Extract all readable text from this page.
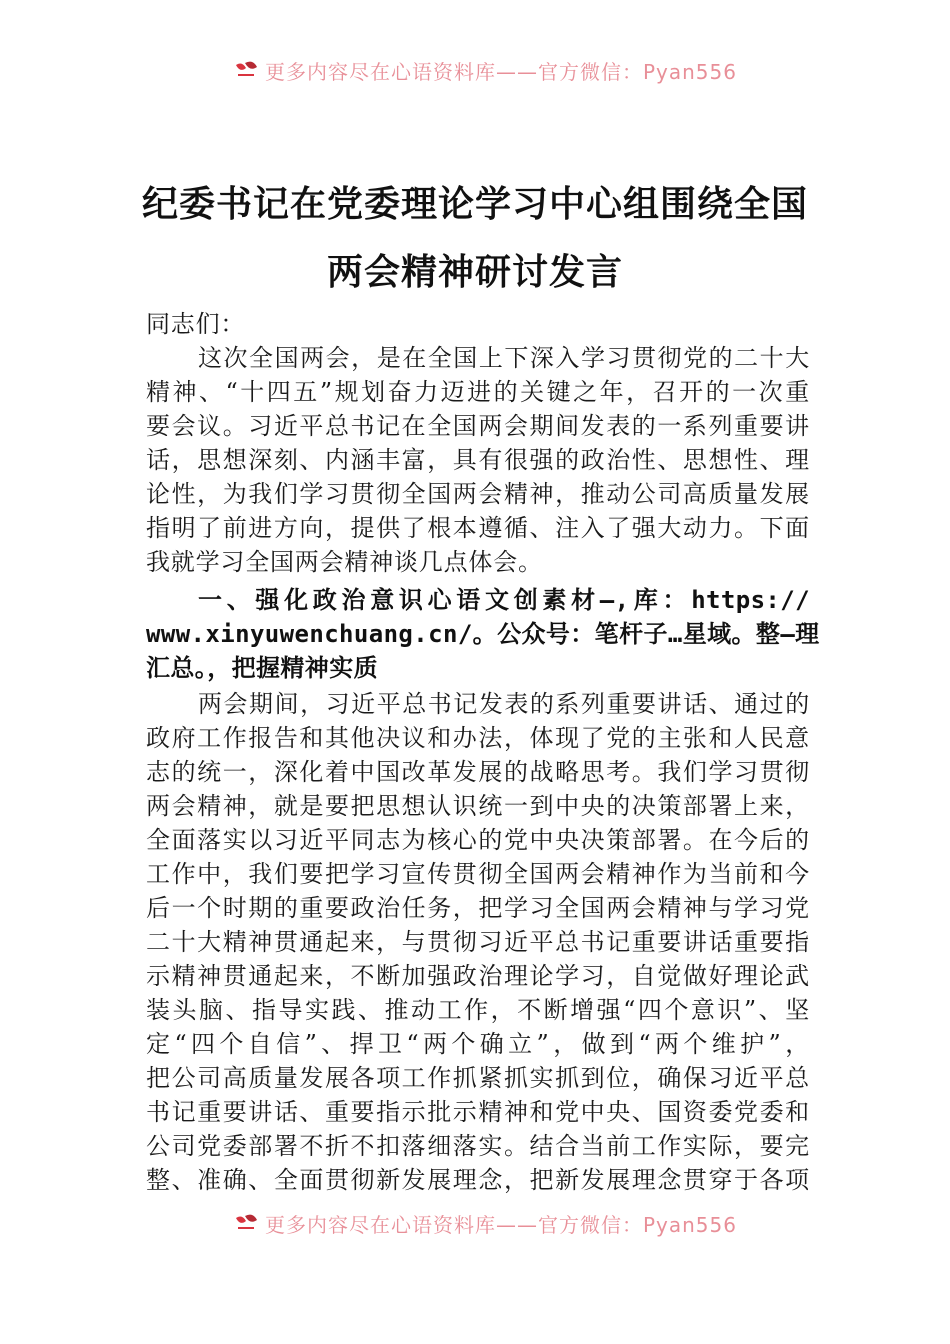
更多内容尽在心语资料库——官方微信：Pyan556
纪委书记在党委理论学习中心组围绕全国
两会精神研讨发言
同志们：
这次全国两会，是在全国上下深入学习贯彻党的二十大
精神、“十四五”规划奋力迈进的关键之年，召开的一次重
要会议。习近平总书记在全国两会期间发表的一系列重要讲
话，思想深刻、内涵丰富，具有很强的政治性、思想性、理
论性，为我们学习贯彻全国两会精神，推动公司高质量发展
指明了前进方向，提供了根本遵循、注入了强大动力。下面
我就学习全国两会精神谈几点体会。
一、强化政治意识心语文创素材—,库：https://
www.xinyuwenchuang.cn/。公众号：笔杆子…星域。整—理
汇总。，把握精神实质
两会期间，习近平总书记发表的系列重要讲话、通过的
政府工作报告和其他决议和办法，体现了党的主张和人民意
志的统一，深化着中国改革发展的战略思考。我们学习贯彻
两会精神，就是要把思想认识统一到中央的决策部署上来，
全面落实以习近平同志为核心的党中央决策部署。在今后的
工作中，我们要把学习宣传贯彻全国两会精神作为当前和今
后一个时期的重要政治任务，把学习全国两会精神与学习党
二十大精神贯通起来，与贯彻习近平总书记重要讲话重要指
示精神贯通起来，不断加强政治理论学习，自觉做好理论武
装头脑、指导实践、推动工作，不断增强“四个意识”、坚
定“四个自信”、捍卫“两个确立”，做到“两个维护”，
把公司高质量发展各项工作抓紧抓实抓到位，确保习近平总
书记重要讲话、重要指示批示精神和党中央、国资委党委和
公司党委部署不折不扣落细落实。结合当前工作实际，要完
整、准确、全面贯彻新发展理念，把新发展理念贯穿于各项
更多内容尽在心语资料库——官方微信：Pyan556
